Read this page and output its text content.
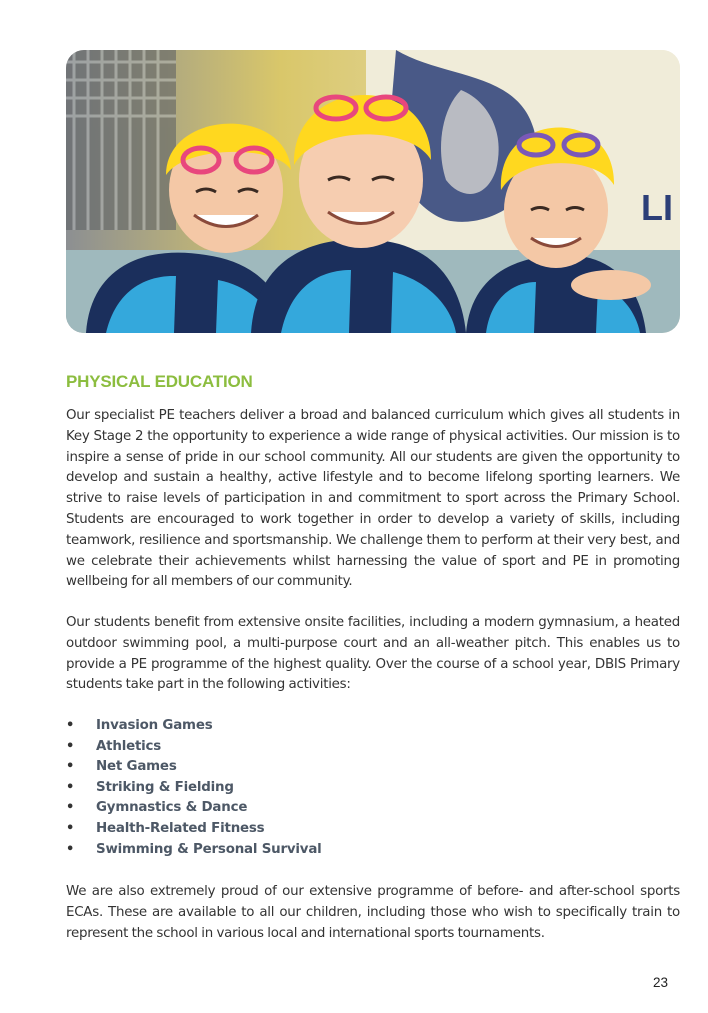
LI
PHYSICAL EDUCATION

Our specialist PE teachers deliver a broad and balanced curriculum which gives all students in Key Stage 2 the opportunity to experience a wide range of physical activities. Our mission is to inspire a sense of pride in our school community. All our students are given the opportunity to develop and sustain a healthy, active lifestyle and to become lifelong sporting learners. We strive to raise levels of participation in and commitment to sport across the Primary School. Students are encouraged to work together in order to develop a variety of skills, including teamwork, resilience and sportsmanship. We challenge them to perform at their very best, and we celebrate their achievements whilst harnessing the value of sport and PE in promoting wellbeing for all members of our community.

Our students benefit from extensive onsite facilities, including a modern gymnasium, a heated outdoor swimming pool, a multi-purpose court and an all-weather pitch. This enables us to provide a PE programme of the highest quality. Over the course of a school year, DBIS Primary students take part in the following activities:

• Invasion Games
• Athletics
• Net Games
• Striking & Fielding
• Gymnastics & Dance
• Health-Related Fitness
• Swimming & Personal Survival

We are also extremely proud of our extensive programme of before- and after-school sports ECAs. These are available to all our children, including those who wish to specifically train to represent the school in various local and international sports tournaments.

23
